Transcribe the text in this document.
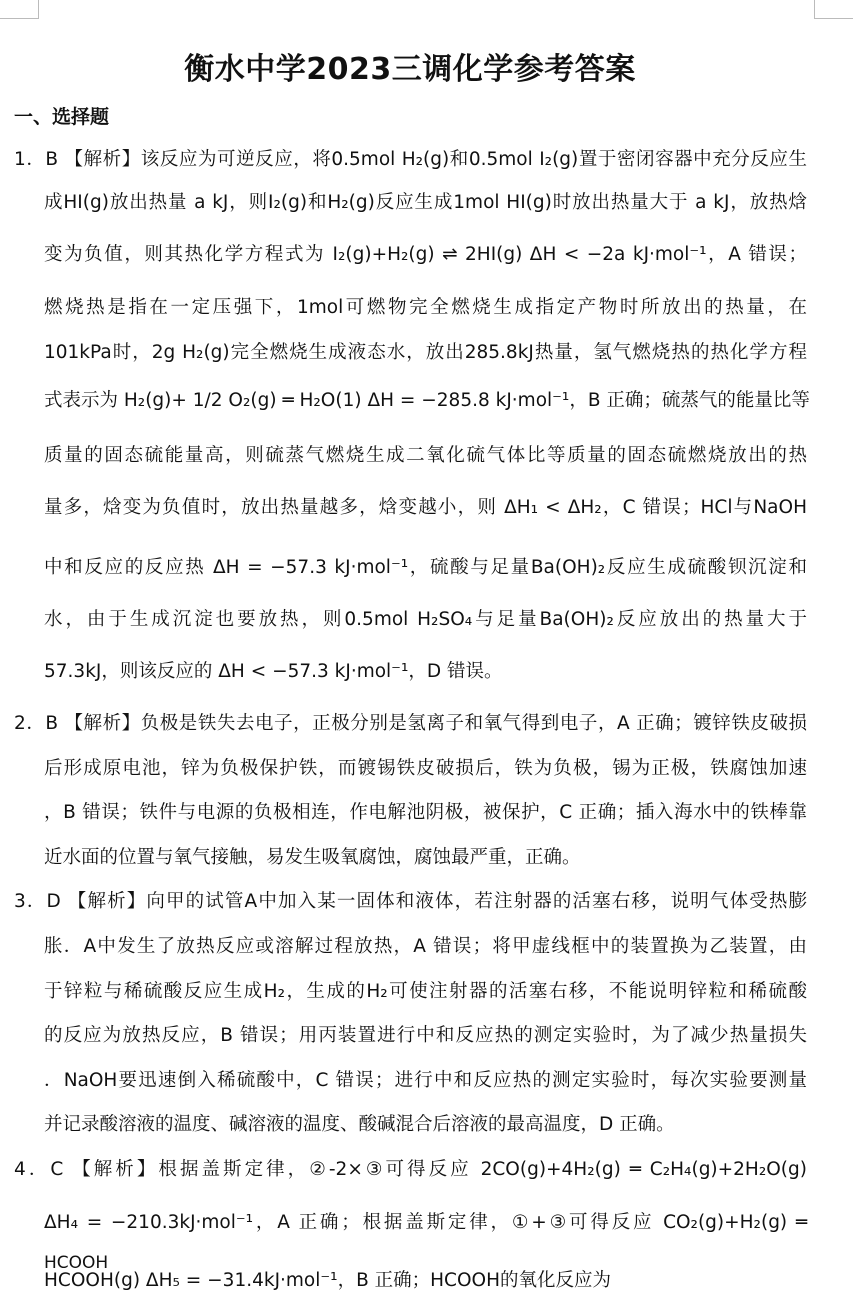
衡水中学2023三调化学参考答案
一、选择题
1．B 【解析】该反应为可逆反应，将0.5mol H₂(g)和0.5mol I₂(g)置于密闭容器中充分反应生
成HI(g)放出热量 a kJ，则I₂(g)和H₂(g)反应生成1mol HI(g)时放出热量大于 a kJ，放热焓
变为负值，则其热化学方程式为 I₂(g)+H₂(g) ⇌ 2HI(g) ΔH < −2a kJ·mol⁻¹，A 错误；
燃烧热是指在一定压强下，1mol可燃物完全燃烧生成指定产物时所放出的热量，在
101kPa时，2g H₂(g)完全燃烧生成液态水，放出285.8kJ热量，氢气燃烧热的热化学方程
式表示为 H₂(g)+ 1/2 O₂(g) ═ H₂O(1) ΔH = −285.8 kJ·mol⁻¹，B 正确；硫蒸气的能量比等
质量的固态硫能量高，则硫蒸气燃烧生成二氧化硫气体比等质量的固态硫燃烧放出的热
量多，焓变为负值时，放出热量越多，焓变越小，则 ΔH₁ < ΔH₂，C 错误；HCl与NaOH
中和反应的反应热 ΔH = −57.3 kJ·mol⁻¹，硫酸与足量Ba(OH)₂反应生成硫酸钡沉淀和
水，由于生成沉淀也要放热，则0.5mol H₂SO₄与足量Ba(OH)₂反应放出的热量大于
57.3kJ，则该反应的 ΔH < −57.3 kJ·mol⁻¹，D 错误。
2．B 【解析】负极是铁失去电子，正极分别是氢离子和氧气得到电子，A 正确；镀锌铁皮破损
后形成原电池，锌为负极保护铁，而镀锡铁皮破损后，铁为负极，锡为正极，铁腐蚀加速
，B 错误；铁件与电源的负极相连，作电解池阴极，被保护，C 正确；插入海水中的铁棒靠
近水面的位置与氧气接触，易发生吸氧腐蚀，腐蚀最严重，正确。
3．D 【解析】向甲的试管A中加入某一固体和液体，若注射器的活塞右移，说明气体受热膨
胀．A中发生了放热反应或溶解过程放热，A 错误；将甲虚线框中的装置换为乙装置，由
于锌粒与稀硫酸反应生成H₂，生成的H₂可使注射器的活塞右移，不能说明锌粒和稀硫酸
的反应为放热反应，B 错误；用丙装置进行中和反应热的测定实验时，为了减少热量损失
．NaOH要迅速倒入稀硫酸中，C 错误；进行中和反应热的测定实验时，每次实验要测量
并记录酸溶液的温度、碱溶液的温度、酸碱混合后溶液的最高温度，D 正确。
4．C 【解析】根据盖斯定律，②-2×③可得反应 2CO(g)+4H₂(g) ═ C₂H₄(g)+2H₂O(g)
ΔH₄ = −210.3kJ·mol⁻¹，A 正确；根据盖斯定律，①+③可得反应 CO₂(g)+H₂(g) ═
HCOOH
HCOOH(g) ΔH₅ = −31.4kJ·mol⁻¹，B 正确；HCOOH的氧化反应为
